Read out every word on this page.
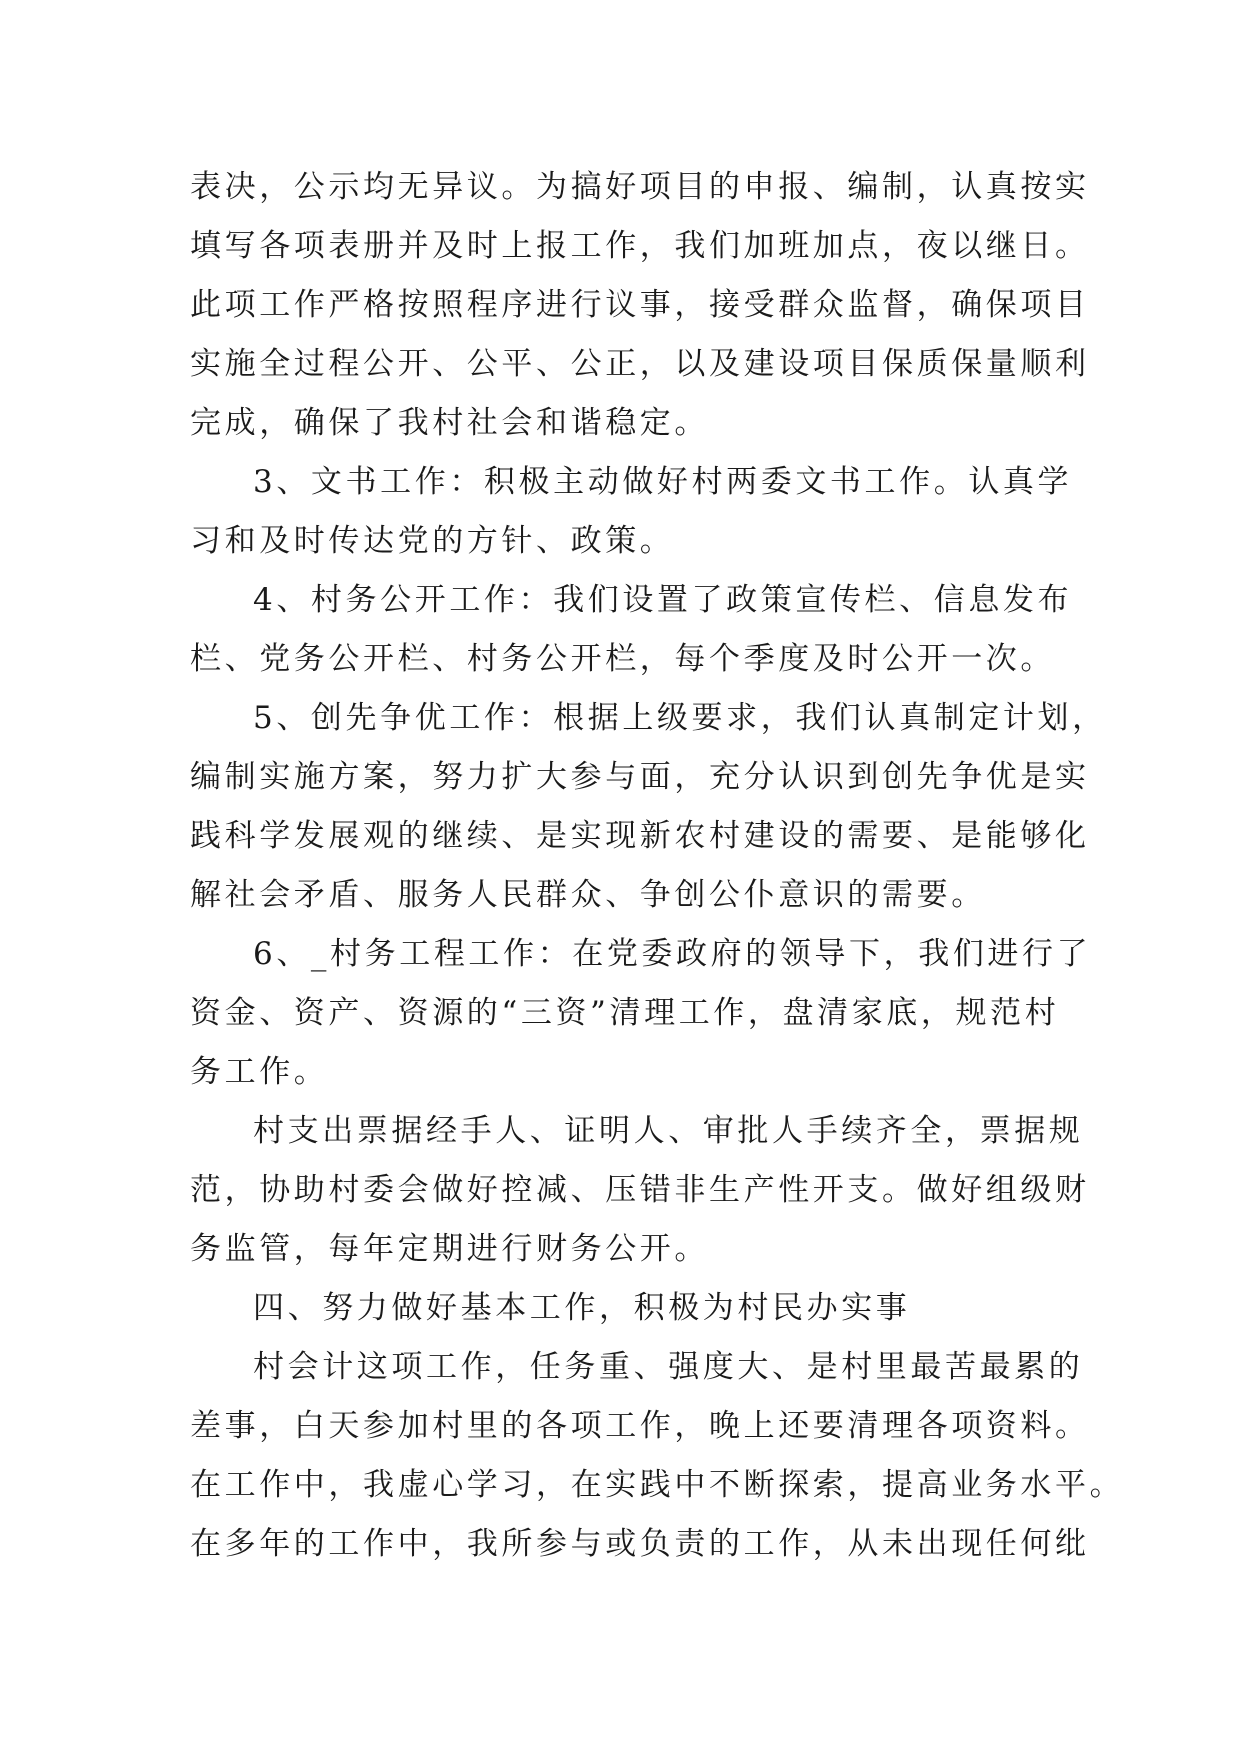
表决，公示均无异议。为搞好项目的申报、编制，认真按实
填写各项表册并及时上报工作，我们加班加点，夜以继日。
此项工作严格按照程序进行议事，接受群众监督，确保项目
实施全过程公开、公平、公正，以及建设项目保质保量顺利
完成，确保了我村社会和谐稳定。
3、文书工作：积极主动做好村两委文书工作。认真学
习和及时传达党的方针、政策。
4、村务公开工作：我们设置了政策宣传栏、信息发布
栏、党务公开栏、村务公开栏，每个季度及时公开一次。
5、创先争优工作：根据上级要求，我们认真制定计划，
编制实施方案，努力扩大参与面，充分认识到创先争优是实
践科学发展观的继续、是实现新农村建设的需要、是能够化
解社会矛盾、服务人民群众、争创公仆意识的需要。
6、_村务工程工作：在党委政府的领导下，我们进行了
资金、资产、资源的“三资”清理工作，盘清家底，规范村
务工作。
村支出票据经手人、证明人、审批人手续齐全，票据规
范，协助村委会做好控减、压错非生产性开支。做好组级财
务监管，每年定期进行财务公开。
四、努力做好基本工作，积极为村民办实事
村会计这项工作，任务重、强度大、是村里最苦最累的
差事，白天参加村里的各项工作，晚上还要清理各项资料。
在工作中，我虚心学习，在实践中不断探索，提高业务水平。
在多年的工作中，我所参与或负责的工作，从未出现任何纰
